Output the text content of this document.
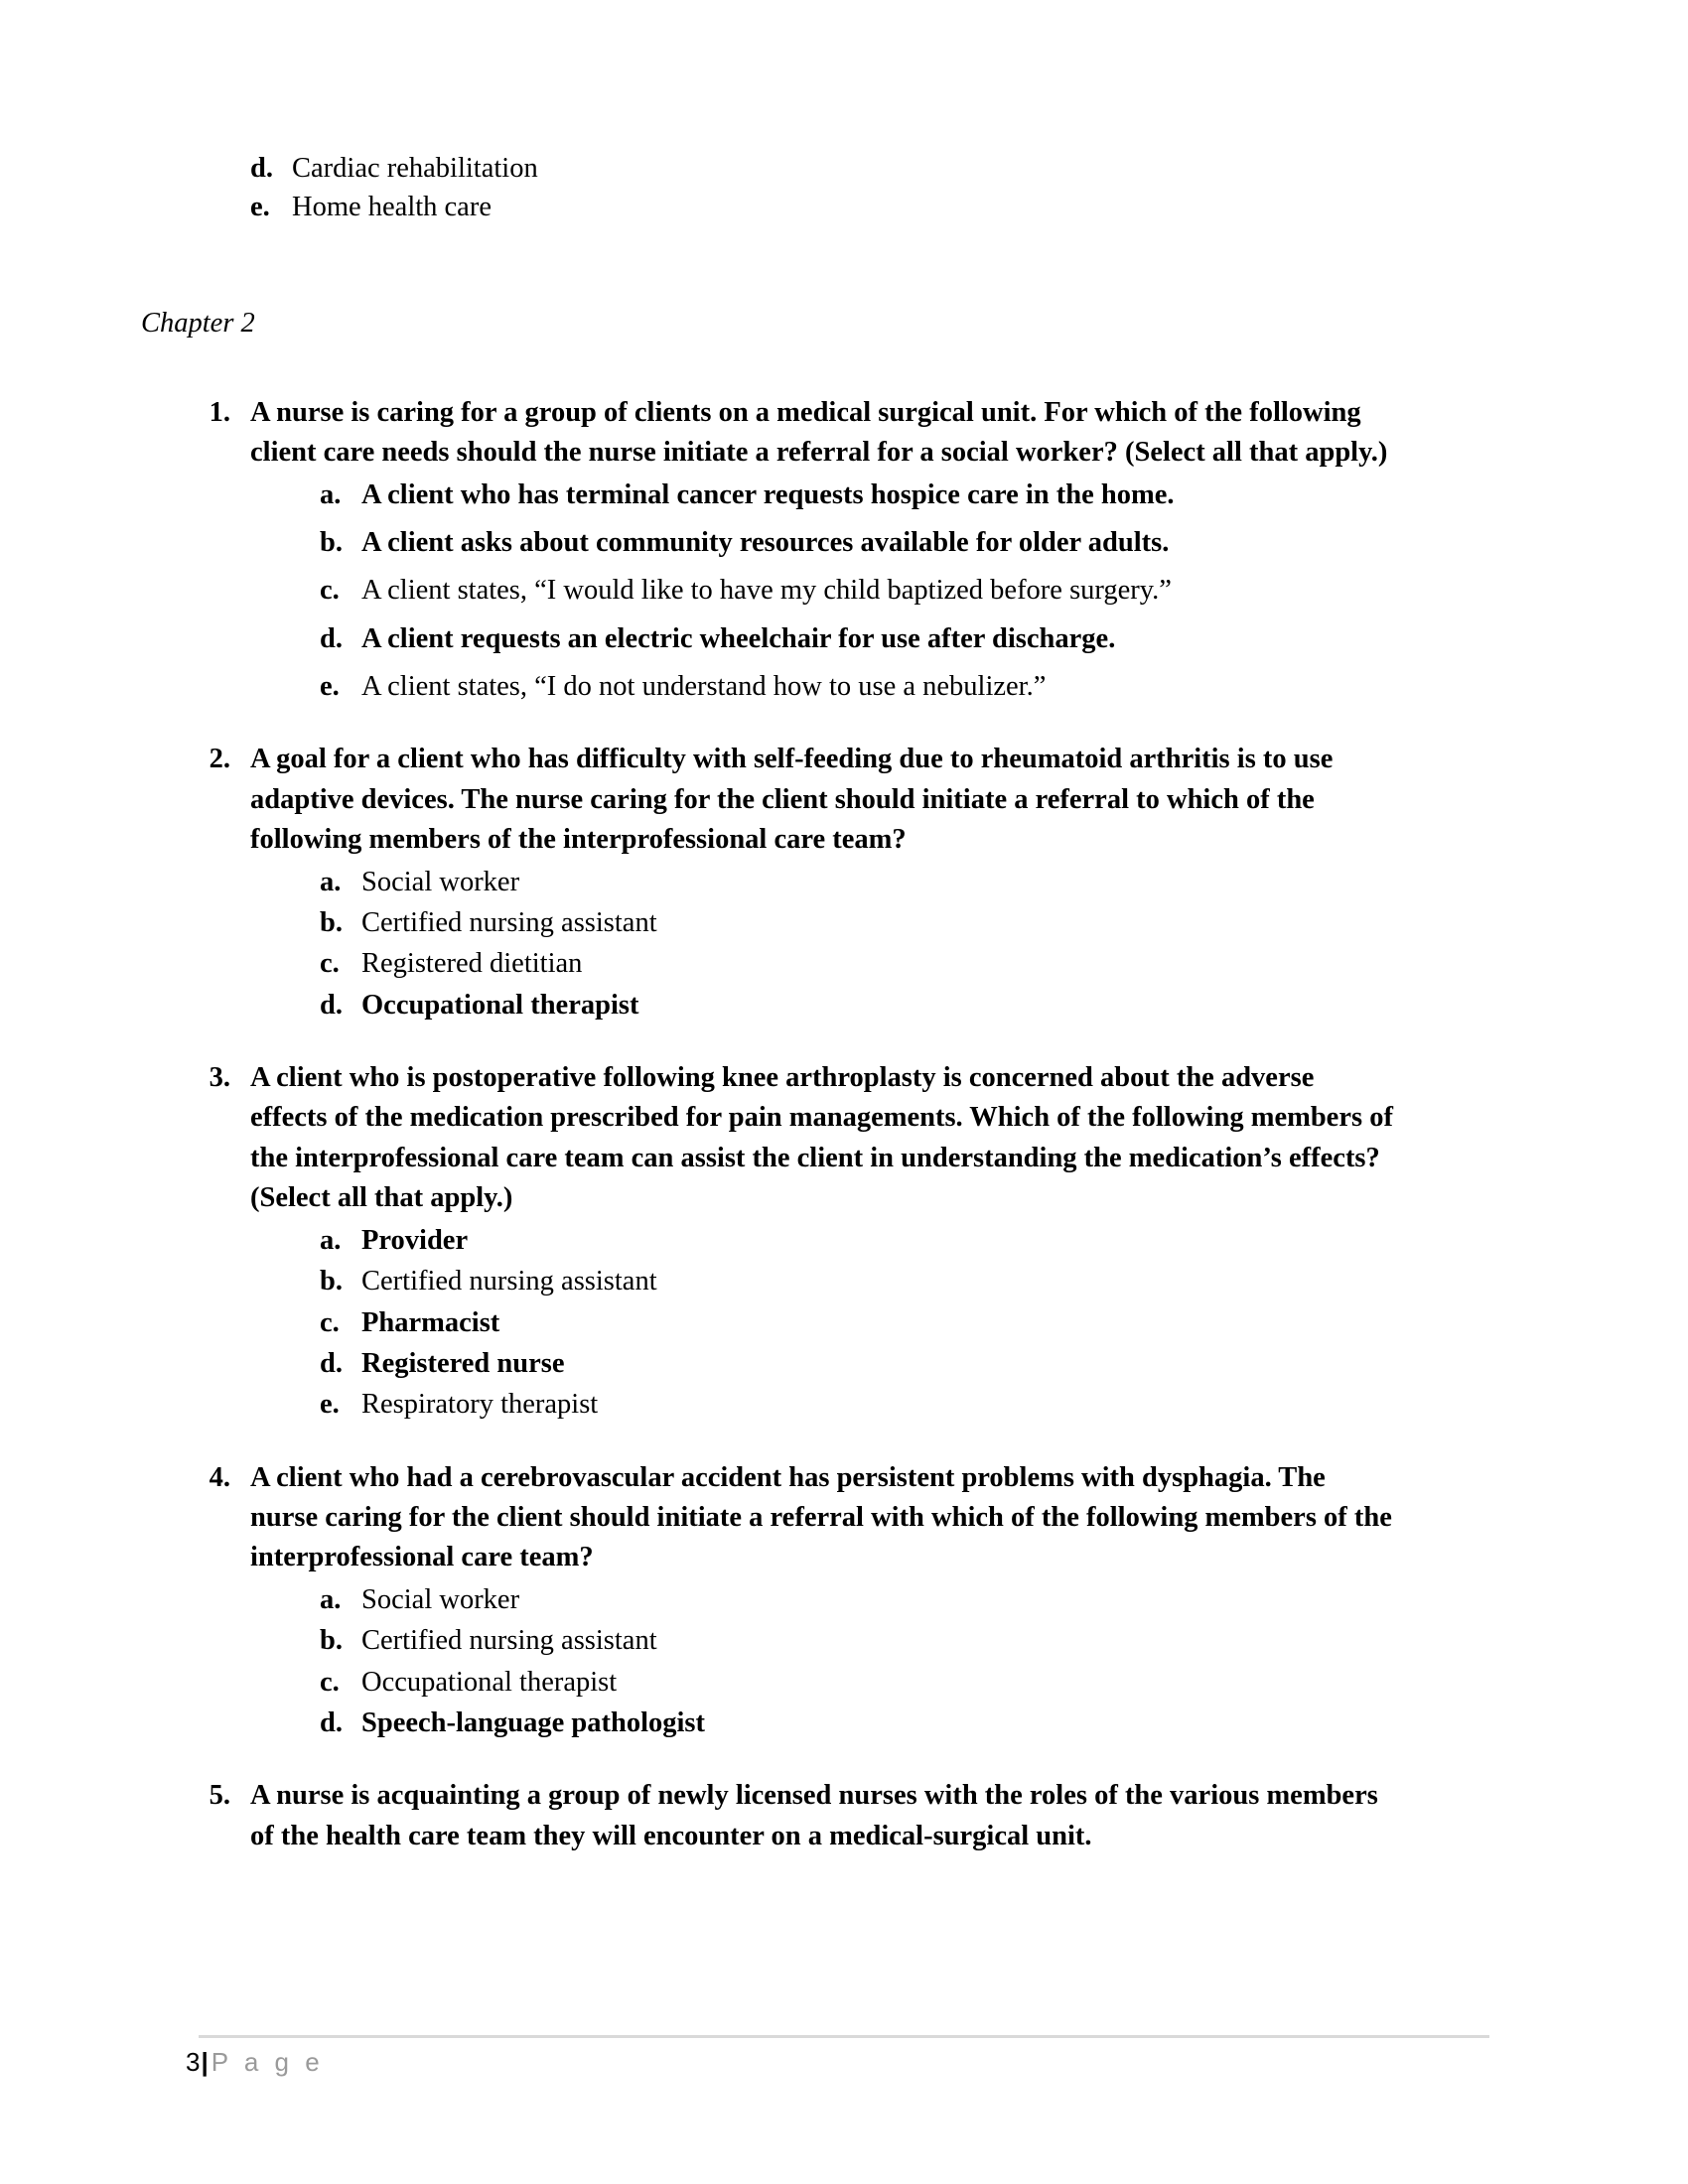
d. Cardiac rehabilitation
e. Home health care
Chapter 2
1. A nurse is caring for a group of clients on a medical surgical unit. For which of the following client care needs should the nurse initiate a referral for a social worker? (Select all that apply.)
a. A client who has terminal cancer requests hospice care in the home.
b. A client asks about community resources available for older adults.
c. A client states, “I would like to have my child baptized before surgery.”
d. A client requests an electric wheelchair for use after discharge.
e. A client states, “I do not understand how to use a nebulizer.”
2. A goal for a client who has difficulty with self-feeding due to rheumatoid arthritis is to use adaptive devices. The nurse caring for the client should initiate a referral to which of the following members of the interprofessional care team?
a. Social worker
b. Certified nursing assistant
c. Registered dietitian
d. Occupational therapist
3. A client who is postoperative following knee arthroplasty is concerned about the adverse effects of the medication prescribed for pain managements. Which of the following members of the interprofessional care team can assist the client in understanding the medication’s effects? (Select all that apply.)
a. Provider
b. Certified nursing assistant
c. Pharmacist
d. Registered nurse
e. Respiratory therapist
4. A client who had a cerebrovascular accident has persistent problems with dysphagia. The nurse caring for the client should initiate a referral with which of the following members of the interprofessional care team?
a. Social worker
b. Certified nursing assistant
c. Occupational therapist
d. Speech-language pathologist
5. A nurse is acquainting a group of newly licensed nurses with the roles of the various members of the health care team they will encounter on a medical-surgical unit.
3|P a g e
